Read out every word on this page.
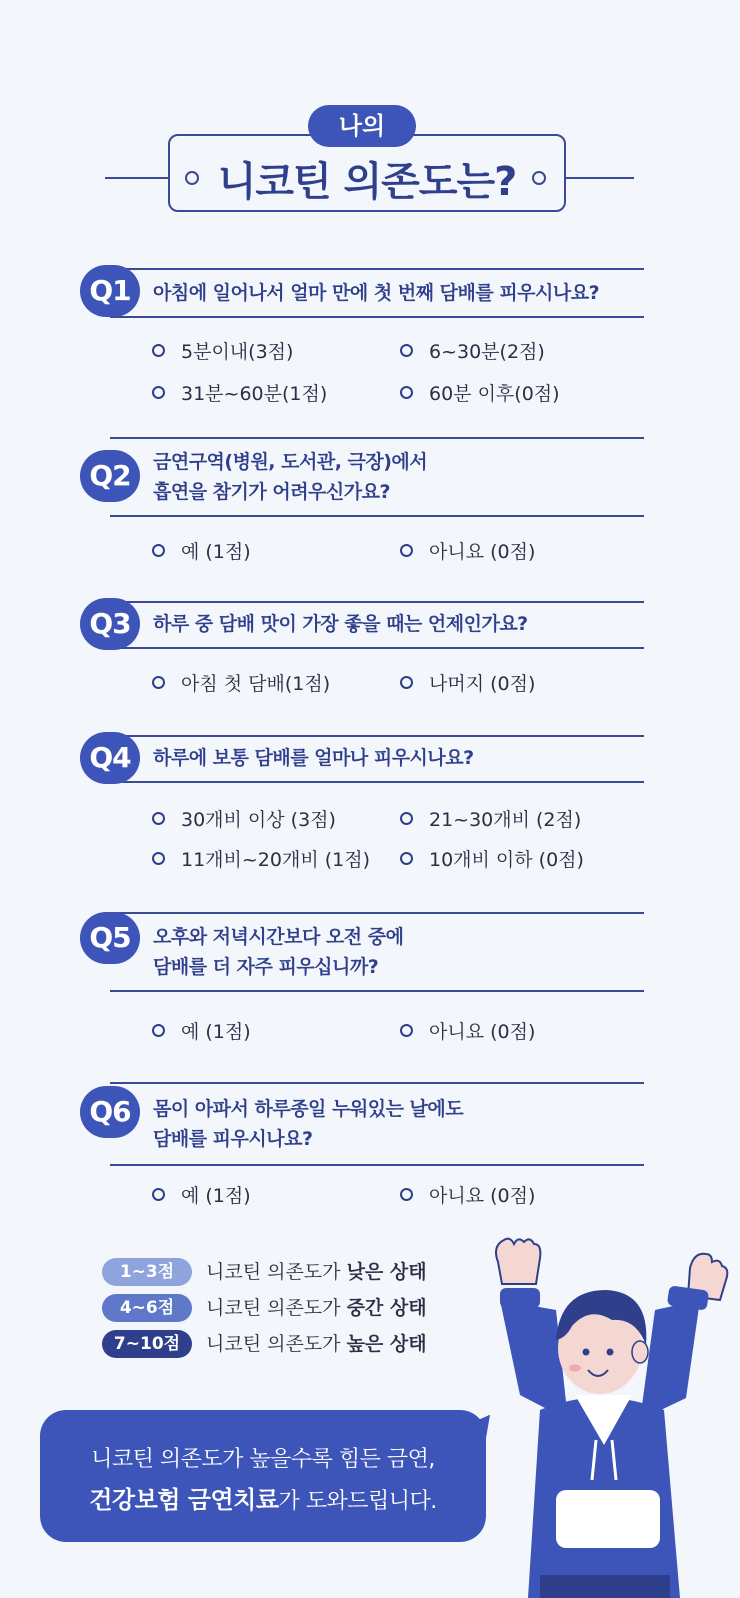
나의
니코틴 의존도는?
Q1	아침에 일어나서 얼마 만에 첫 번째 담배를 피우시나요?
5분이내(3점)	6~30분(2점)
31분~60분(1점)	60분 이후(0점)
Q2	금연구역(병원, 도서관, 극장)에서
흡연을 참기가 어려우신가요?
예 (1점)	아니요 (0점)
Q3	하루 중 담배 맛이 가장 좋을 때는 언제인가요?
아침 첫 담배(1점)	나머지 (0점)
Q4	하루에 보통 담배를 얼마나 피우시나요?
30개비 이상 (3점)	21~30개비 (2점)
11개비~20개비 (1점)	10개비 이하 (0점)
Q5	오후와 저녁시간보다 오전 중에
담배를 더 자주 피우십니까?
예 (1점)	아니요 (0점)
Q6	몸이 아파서 하루종일 누워있는 날에도
담배를 피우시나요?
예 (1점)	아니요 (0점)
1~3점	니코틴 의존도가 낮은 상태
4~6점	니코틴 의존도가 중간 상태
7~10점	니코틴 의존도가 높은 상태
니코틴 의존도가 높을수록 힘든 금연,
건강보험 금연치료가 도와드립니다.
